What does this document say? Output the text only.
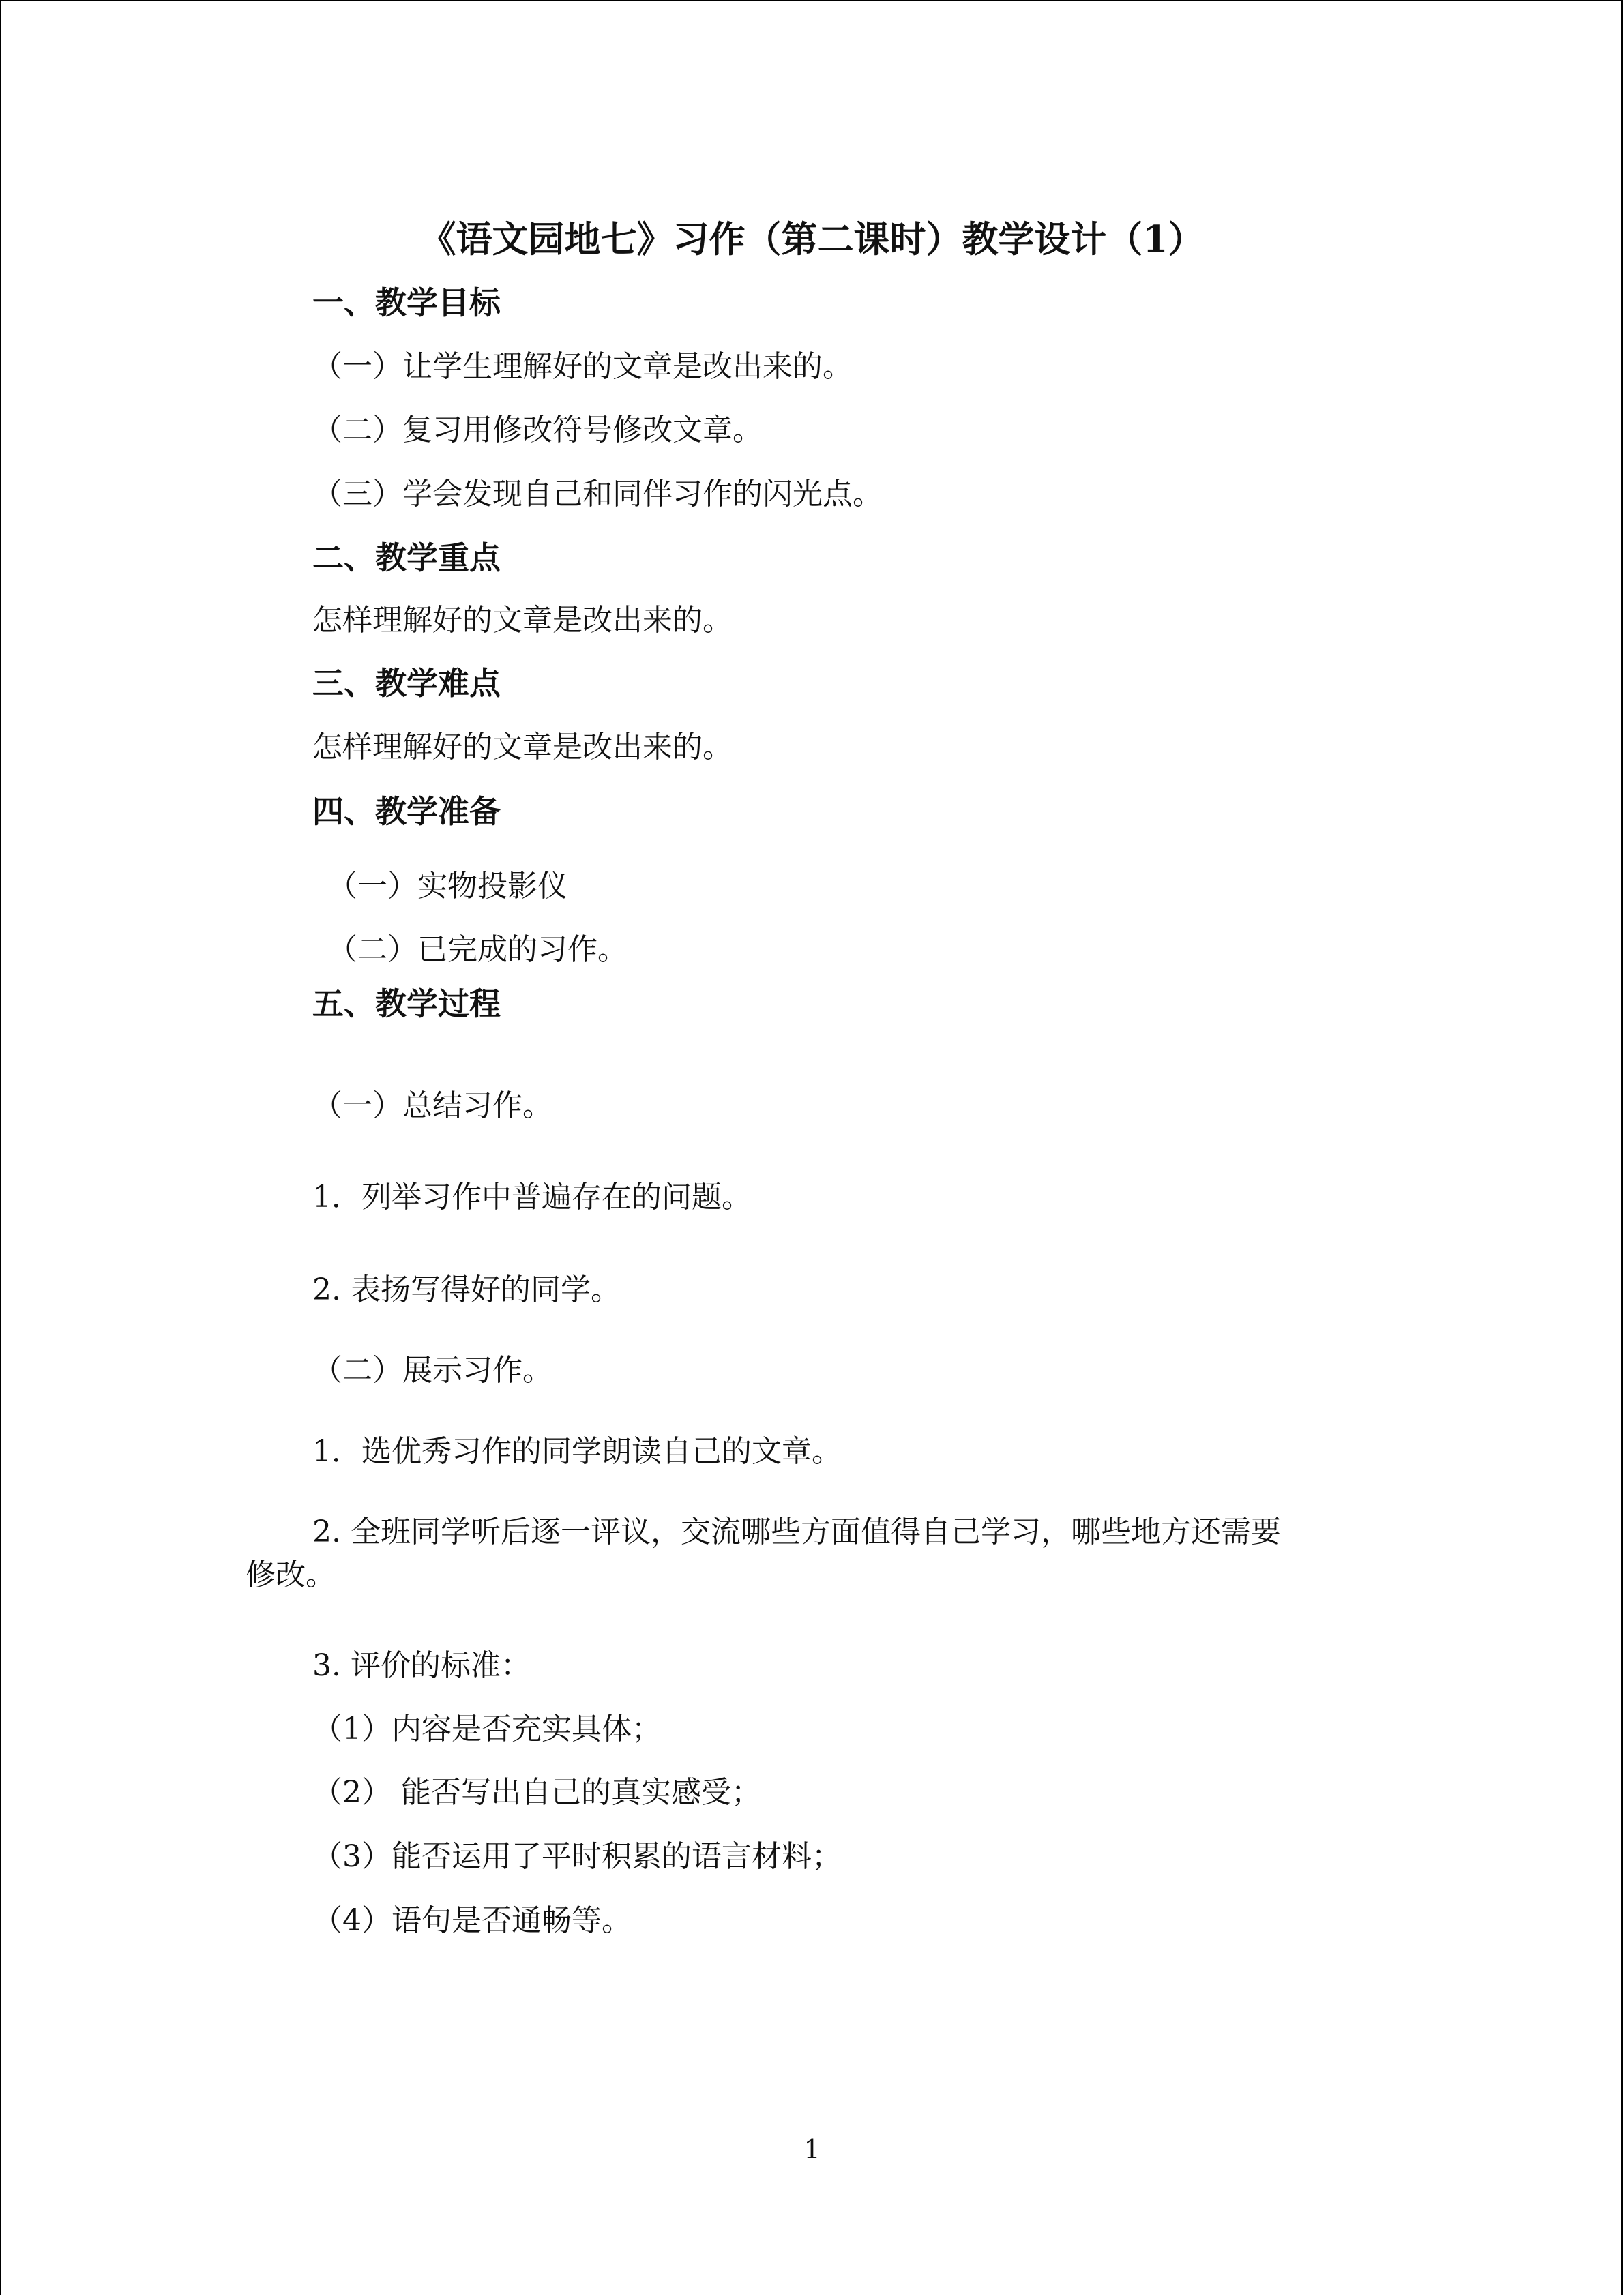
《语文园地七》习作（第二课时）教学设计（1）
一、教学目标
（一）让学生理解好的文章是改出来的。
（二）复习用修改符号修改文章。
（三）学会发现自己和同伴习作的闪光点。
二、教学重点
怎样理解好的文章是改出来的。
三、教学难点
怎样理解好的文章是改出来的。
四、教学准备
（一）实物投影仪
（二）已完成的习作。
五、教学过程
（一）总结习作。
1．列举习作中普遍存在的问题。
2. 表扬写得好的同学。
（二）展示习作。
1．选优秀习作的同学朗读自己的文章。
2. 全班同学听后逐一评议，交流哪些方面值得自己学习，哪些地方还需要
修改。
3. 评价的标准：
（1）内容是否充实具体；
（2） 能否写出自己的真实感受；
（3）能否运用了平时积累的语言材料；
（4）语句是否通畅等。
1
